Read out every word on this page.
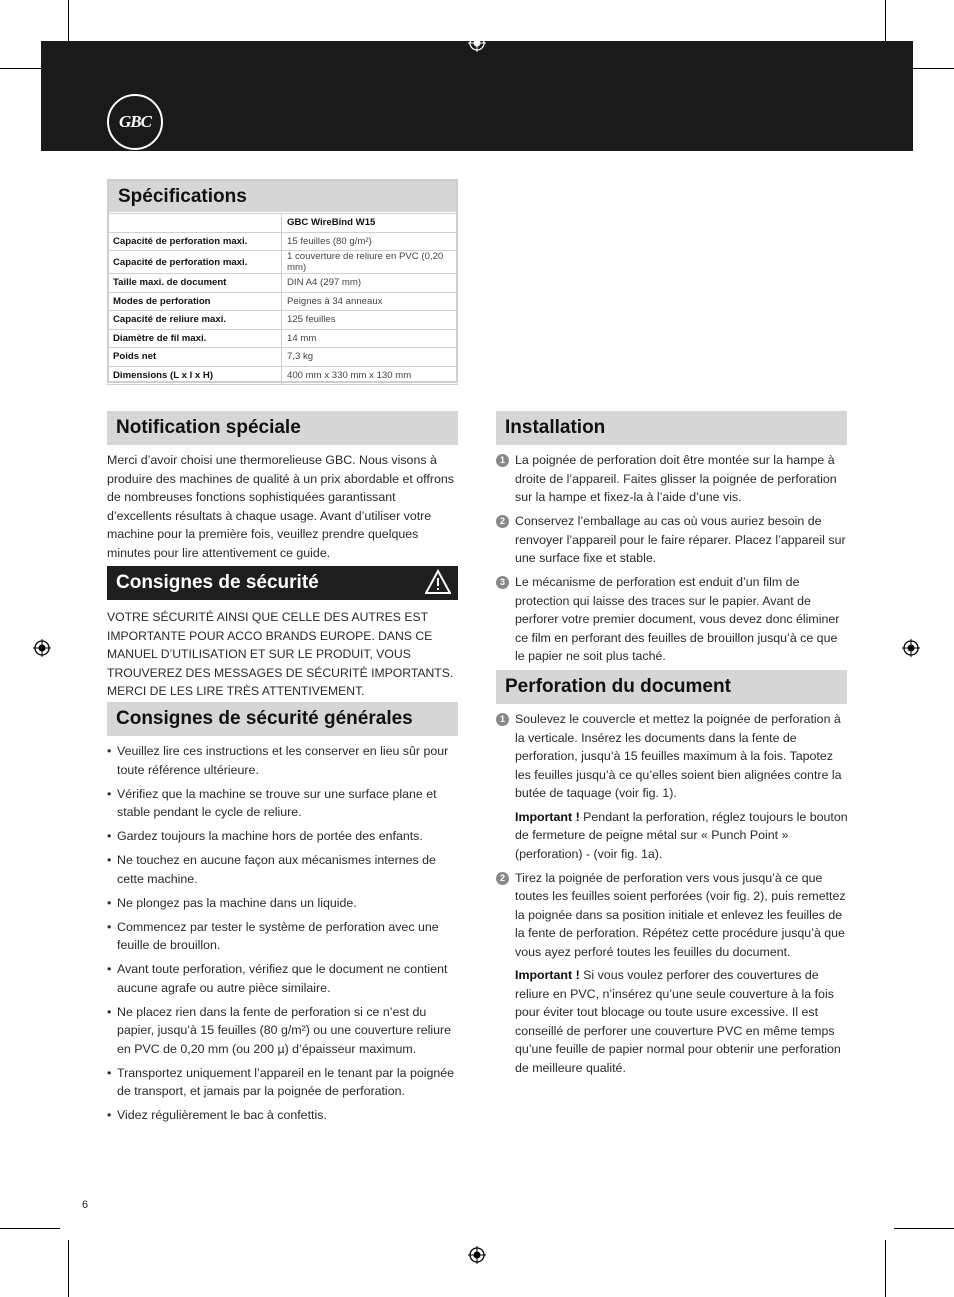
GBC
Spécifications
	GBC WireBind W15
Capacité de perforation maxi.	15 feuilles (80 g/m²)
Capacité de perforation maxi.	1 couverture de reliure en PVC (0,20 mm)
Taille maxi. de document	DIN A4 (297 mm)
Modes de perforation	Peignes à 34 anneaux
Capacité de reliure maxi.	125 feuilles
Diamètre de fil maxi.	14 mm
Poids net	7,3 kg
Dimensions (L x l x H)	400 mm x 330 mm x 130 mm
Notification spéciale
Merci d’avoir choisi une thermorelieuse GBC. Nous visons à produire des machines de qualité à un prix abordable et offrons de nombreuses fonctions sophistiquées garantissant d’excellents résultats à chaque usage. Avant d’utiliser votre machine pour la première fois, veuillez prendre quelques minutes pour lire attentivement ce guide.
Consignes de sécurité
VOTRE SÉCURITÉ AINSI QUE CELLE DES AUTRES EST IMPORTANTE POUR ACCO BRANDS EUROPE. DANS CE MANUEL D’UTILISATION ET SUR LE PRODUIT, VOUS TROUVEREZ DES MESSAGES DE SÉCURITÉ IMPORTANTS. MERCI DE LES LIRE TRÈS ATTENTIVEMENT.
Consignes de sécurité générales
• Veuillez lire ces instructions et les conserver en lieu sûr pour toute référence ultérieure.
• Vérifiez que la machine se trouve sur une surface plane et stable pendant le cycle de reliure.
• Gardez toujours la machine hors de portée des enfants.
• Ne touchez en aucune façon aux mécanismes internes de cette machine.
• Ne plongez pas la machine dans un liquide.
• Commencez par tester le système de perforation avec une feuille de brouillon.
• Avant toute perforation, vérifiez que le document ne contient aucune agrafe ou autre pièce similaire.
• Ne placez rien dans la fente de perforation si ce n’est du papier, jusqu’à 15 feuilles (80 g/m²) ou une couverture reliure en PVC de 0,20 mm (ou 200 µ) d’épaisseur maximum.
• Transportez uniquement l’appareil en le tenant par la poignée de transport, et jamais par la poignée de perforation.
• Videz régulièrement le bac à confettis.
Installation
1 La poignée de perforation doit être montée sur la hampe à droite de l’appareil. Faites glisser la poignée de perforation sur la hampe et fixez-la à l’aide d’une vis.
2 Conservez l’emballage au cas où vous auriez besoin de renvoyer l’appareil pour le faire réparer. Placez l’appareil sur une surface fixe et stable.
3 Le mécanisme de perforation est enduit d’un film de protection qui laisse des traces sur le papier. Avant de perforer votre premier document, vous devez donc éliminer ce film en perforant des feuilles de brouillon jusqu’à ce que le papier ne soit plus taché.
Perforation du document
1 Soulevez le couvercle et mettez la poignée de perforation à la verticale. Insérez les documents dans la fente de perforation, jusqu’à 15 feuilles maximum à la fois. Tapotez les feuilles jusqu’à ce qu’elles soient bien alignées contre la butée de taquage (voir fig. 1).
Important ! Pendant la perforation, réglez toujours le bouton de fermeture de peigne métal sur « Punch Point » (perforation) - (voir fig. 1a).
2 Tirez la poignée de perforation vers vous jusqu’à ce que toutes les feuilles soient perforées (voir fig. 2), puis remettez la poignée dans sa position initiale et enlevez les feuilles de la fente de perforation. Répétez cette procédure jusqu’à que vous ayez perforé toutes les feuilles du document.
Important ! Si vous voulez perforer des couvertures de reliure en PVC, n’insérez qu’une seule couverture à la fois pour éviter tout blocage ou toute usure excessive. Il est conseillé de perforer une couverture PVC en même temps qu’une feuille de papier normal pour obtenir une perforation de meilleure qualité.
6
